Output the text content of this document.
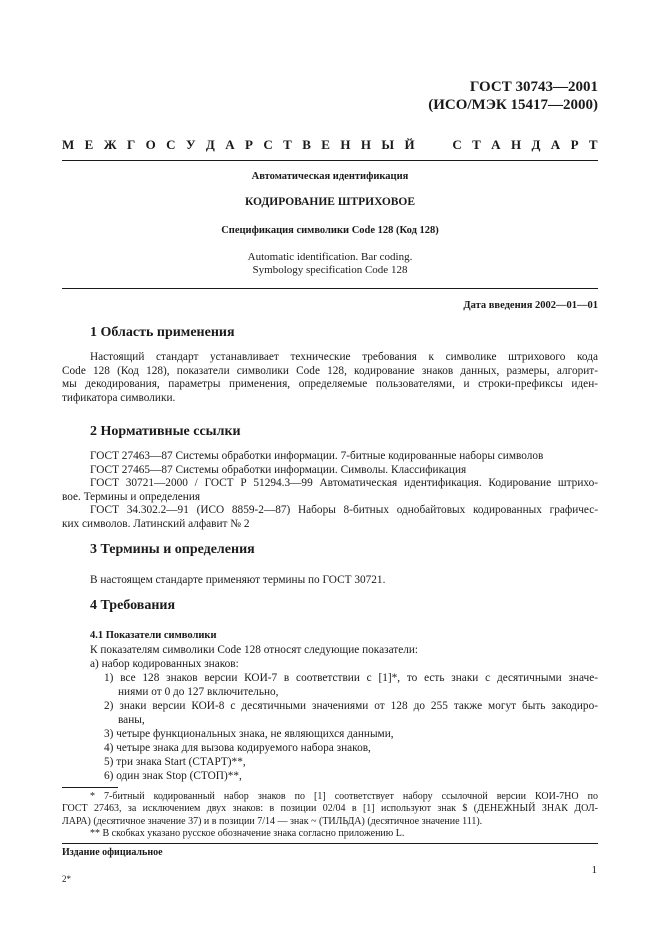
ГОСТ 30743—2001
(ИСО/МЭК 15417—2000)
М Е Ж Г О С У Д А Р С Т В Е Н Н Ы Й

	С Т А Н Д А Р Т
Автоматическая идентификация
КОДИРОВАНИЕ ШТРИХОВОЕ
Спецификация символики Code 128 (Код 128)
Automatic identification. Bar coding.
Symbology specification Code 128
Дата введения 2002—01—01
1 Область применения
Настоящий стандарт устанавливает технические требования к символике штрихового кода
Code 128 (Код 128), показатели символики Code 128, кодирование знаков данных, размеры, алгорит-
мы декодирования, параметры применения, определяемые пользователями, и строки-префиксы иден-
тификатора символики.
2 Нормативные ссылки
ГОСТ 27463—87 Системы обработки информации. 7-битные кодированные наборы символов
ГОСТ 27465—87 Системы обработки информации. Символы. Классификация
ГОСТ 30721—2000 / ГОСТ Р 51294.3—99 Автоматическая идентификация. Кодирование штрихо-
вое. Термины и определения
ГОСТ 34.302.2—91 (ИСО 8859-2—87) Наборы 8-битных однобайтовых кодированных графичес-
ких символов. Латинский алфавит № 2
3 Термины и определения
В настоящем стандарте применяют термины по ГОСТ 30721.
4 Требования
4.1 Показатели символики
К показателям символики Code 128 относят следующие показатели:
а) набор кодированных знаков:
1) все 128 знаков версии КОИ-7 в соответствии с [1]*, то есть знаки с десятичными значе-
ниями от 0 до 127 включительно,
2) знаки версии КОИ-8 с десятичными значениями от 128 до 255 также могут быть закодиро-
ваны,
3) четыре функциональных знака, не являющихся данными,
4) четыре знака для вызова кодируемого набора знаков,
5) три знака Start (СТАРТ)**,
6) один знак Stop (СТОП)**,
* 7-битный кодированный набор знаков по [1] соответствует набору ссылочной версии КОИ-7НО по
ГОСТ 27463, за исключением двух знаков: в позиции 02/04 в [1] используют знак $ (ДЕНЕЖНЫЙ ЗНАК ДОЛ-
ЛАРА) (десятичное значение 37) и в позиции 7/14 — знак ~ (ТИЛЬДА) (десятичное значение 111).
** В скобках указано русское обозначение знака согласно приложению L.
Издание официальное
2*
1
